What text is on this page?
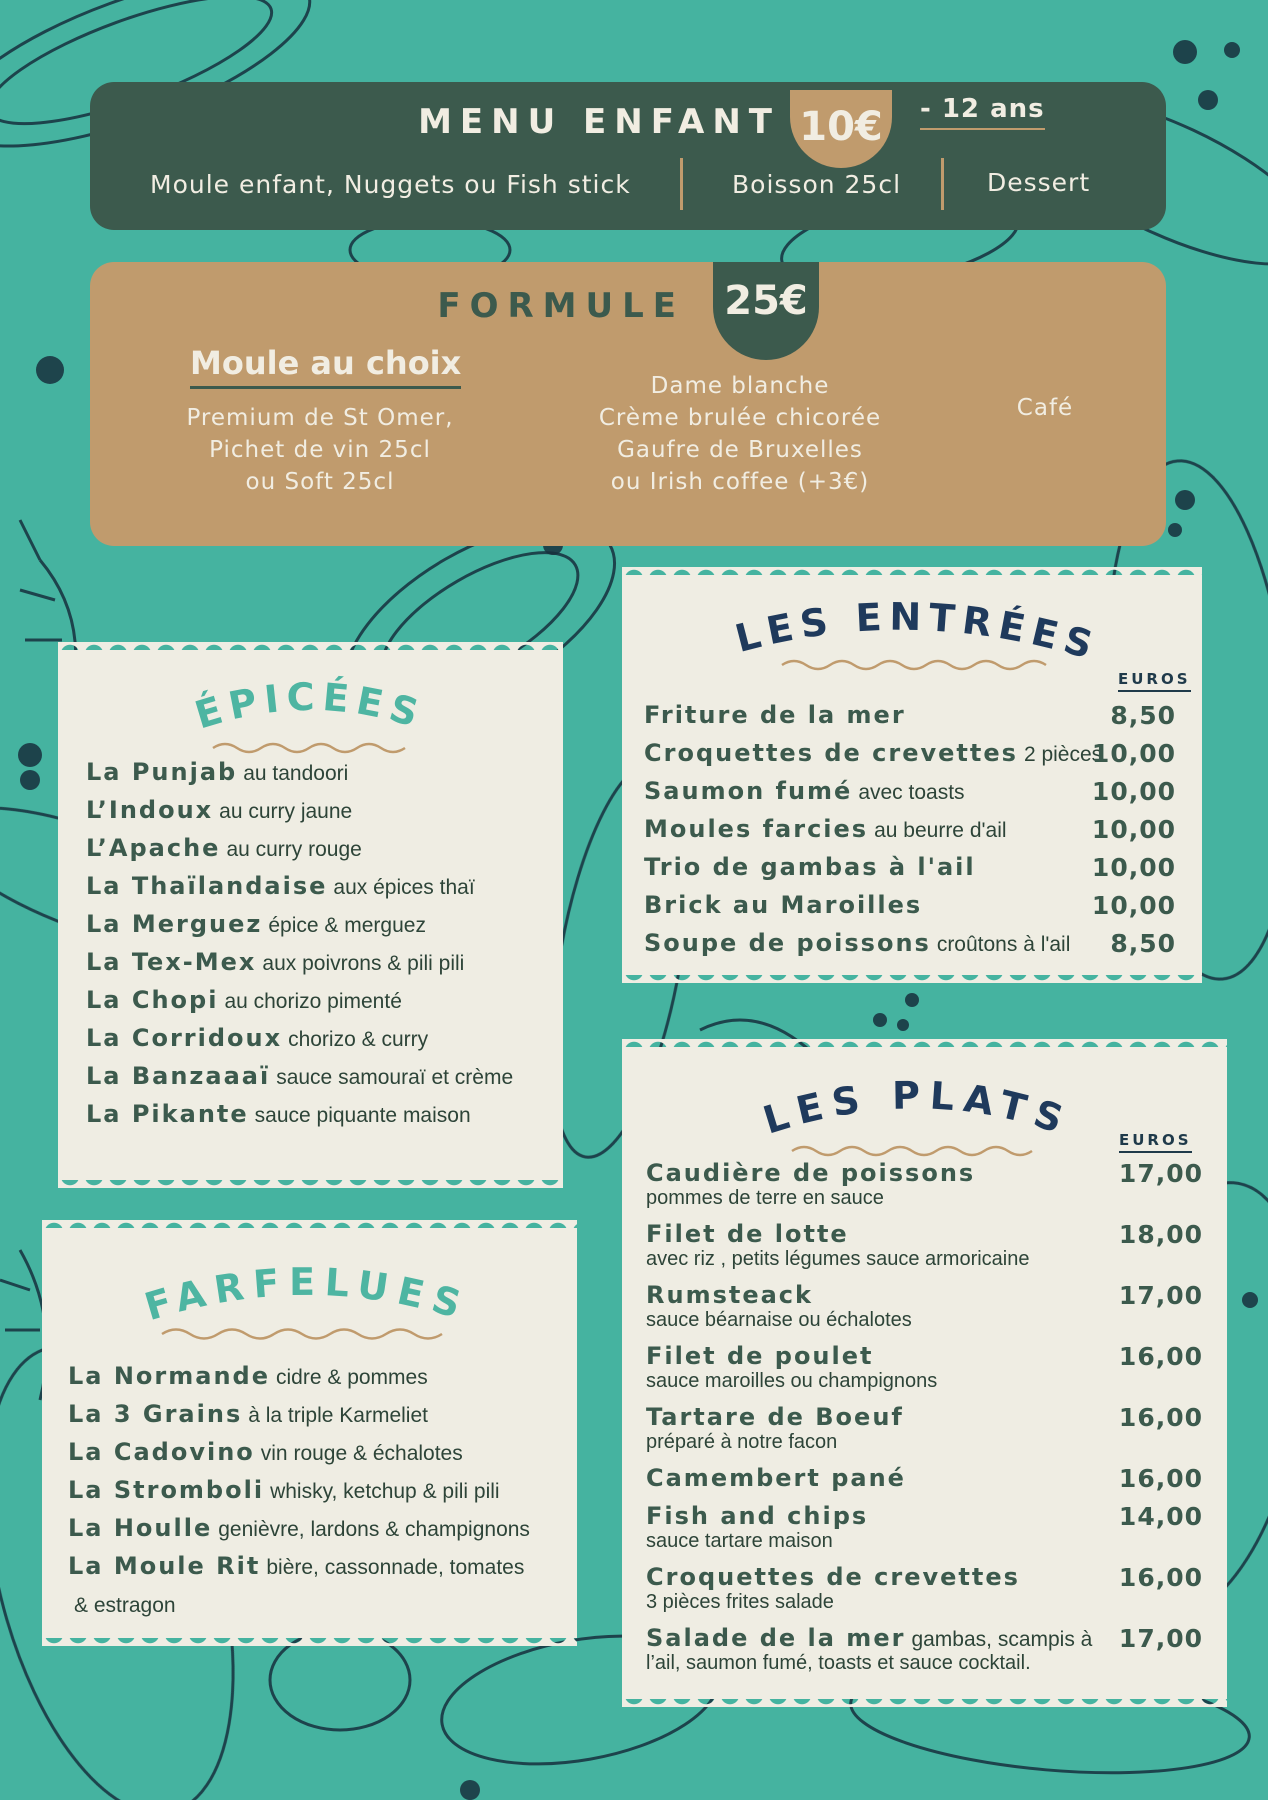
MENU ENFANT 10€	- 12 ans
Moule enfant, Nuggets ou Fish stick	Boisson 25cl	Dessert
FORMULE 25€
Moule au choix
Premium de St Omer,
Pichet de vin 25cl
ou Soft 25cl
Dame blanche
Crème brulée chicorée
Gaufre de Bruxelles
ou Irish coffee (+3€)
Café
ÉPICÉES
La Punjab au tandoori
L’Indoux au curry jaune
L’Apache au curry rouge
La Thaïlandaise aux épices thaï
La Merguez épice & merguez
La Tex-Mex aux poivrons & pili pili
La Chopi au chorizo pimenté
La Corridoux chorizo & curry
La Banzaaaï sauce samouraï et crème
La Pikante sauce piquante maison
FARFELUES
La Normande cidre & pommes
La 3 Grains à la triple Karmeliet
La Cadovino vin rouge & échalotes
La Stromboli whisky, ketchup & pili pili
La Houlle genièvre, lardons & champignons
La Moule Rit bière, cassonnade, tomates
& estragon
LES ENTRÉES
EUROS
Friture de la mer	8,50
Croquettes de crevettes 2 pièces
10,00
Saumon fumé avec toasts	10,00
Moules farcies au beurre d'ail	10,00
Trio de gambas à l'ail	10,00
Brick au Maroilles	10,00
Soupe de poissons croûtons à l'ail 8,50
LES PLATS	EUROS
Caudière de poissons
pommes de terre en sauce
17,00
Filet de lotte
avec riz , petits légumes sauce armoricaine
18,00
Rumsteack
sauce béarnaise ou échalotes
17,00
Filet de poulet
sauce maroilles ou champignons
16,00
Tartare de Boeuf
préparé à notre facon
16,00
Camembert pané	16,00
Fish and chips
sauce tartare maison
14,00
Croquettes de crevettes
3 pièces frites salade
16,00
Salade de la mer gambas, scampis à
l’ail, saumon fumé, toasts et sauce cocktail.
17,00
